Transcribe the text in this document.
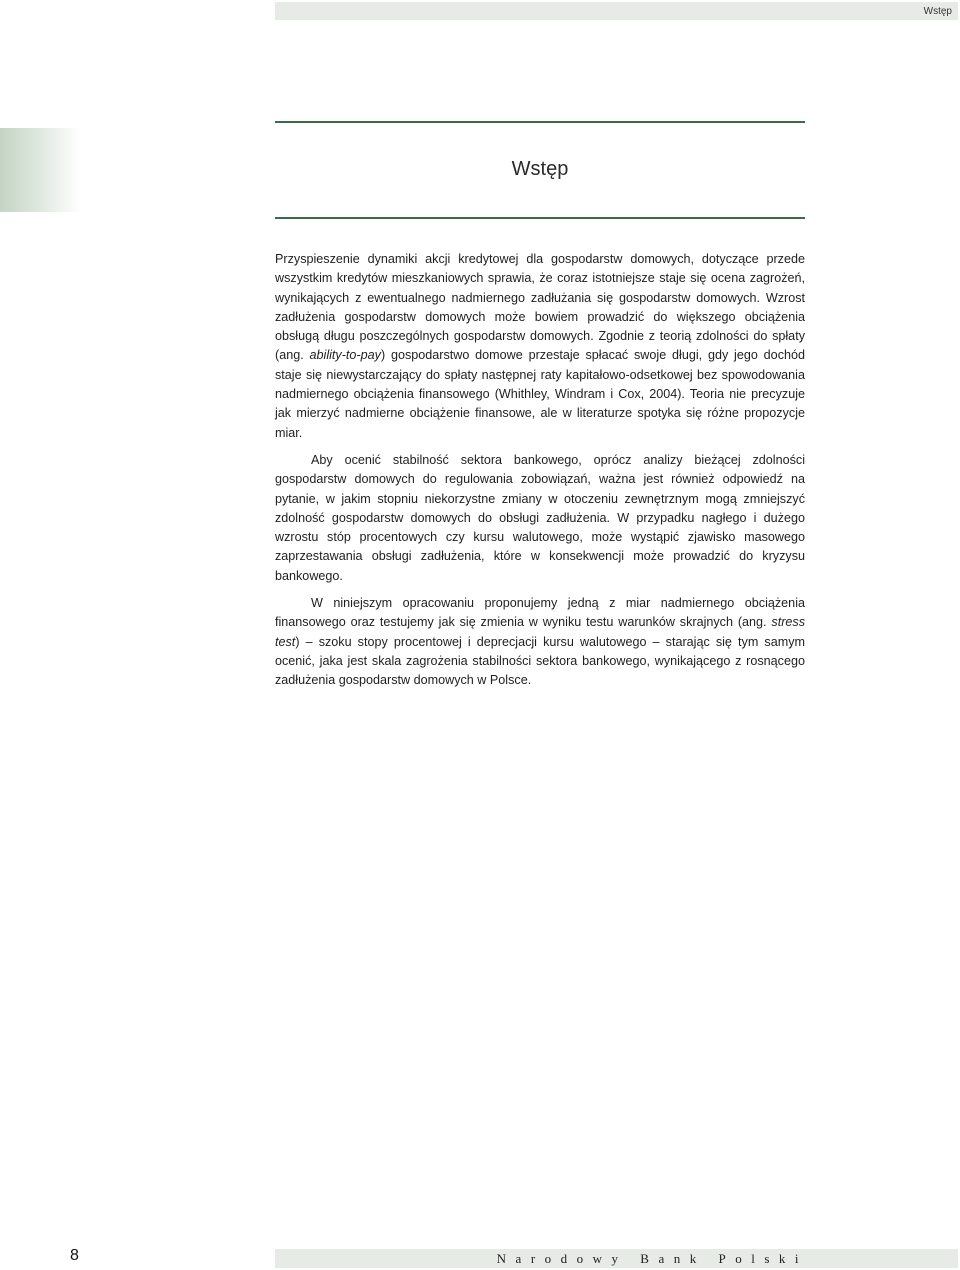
Wstęp
Wstęp

Przyspieszenie dynamiki akcji kredytowej dla gospodarstw domowych, dotyczące przede wszystkim kredytów mieszkaniowych sprawia, że coraz istotniejsze staje się ocena zagrożeń, wynikających z ewentualnego nadmiernego zadłużania się gospodarstw domowych. Wzrost zadłużenia gospodarstw domowych może bowiem prowadzić do większego obciążenia obsługą długu poszczególnych gospodarstw domowych. Zgodnie z teorią zdolności do spłaty (ang. ability-to-pay) gospodarstwo domowe przestaje spłacać swoje długi, gdy jego dochód staje się niewystarczający do spłaty następnej raty kapitałowo-odsetkowej bez spowodowania nadmiernego obciążenia finansowego (Whithley, Windram i Cox, 2004). Teoria nie precyzuje jak mierzyć nadmierne obciążenie finansowe, ale w literaturze spotyka się różne propozycje miar.

Aby ocenić stabilność sektora bankowego, oprócz analizy bieżącej zdolności gospodarstw domowych do regulowania zobowiązań, ważna jest również odpowiedź na pytanie, w jakim stopniu niekorzystne zmiany w otoczeniu zewnętrznym mogą zmniejszyć zdolność gospodarstw domowych do obsługi zadłużenia. W przypadku nagłego i dużego wzrostu stóp procentowych czy kursu walutowego, może wystąpić zjawisko masowego zaprzestawania obsługi zadłużenia, które w konsekwencji może prowadzić do kryzysu bankowego.

W niniejszym opracowaniu proponujemy jedną z miar nadmiernego obciążenia finansowego oraz testujemy jak się zmienia w wyniku testu warunków skrajnych (ang. stress test) – szoku stopy procentowej i deprecjacji kursu walutowego – starając się tym samym ocenić, jaka jest skala zagrożenia stabilności sektora bankowego, wynikającego z rosnącego zadłużenia gospodarstw domowych w Polsce.

8	Narodowy Bank Polski
